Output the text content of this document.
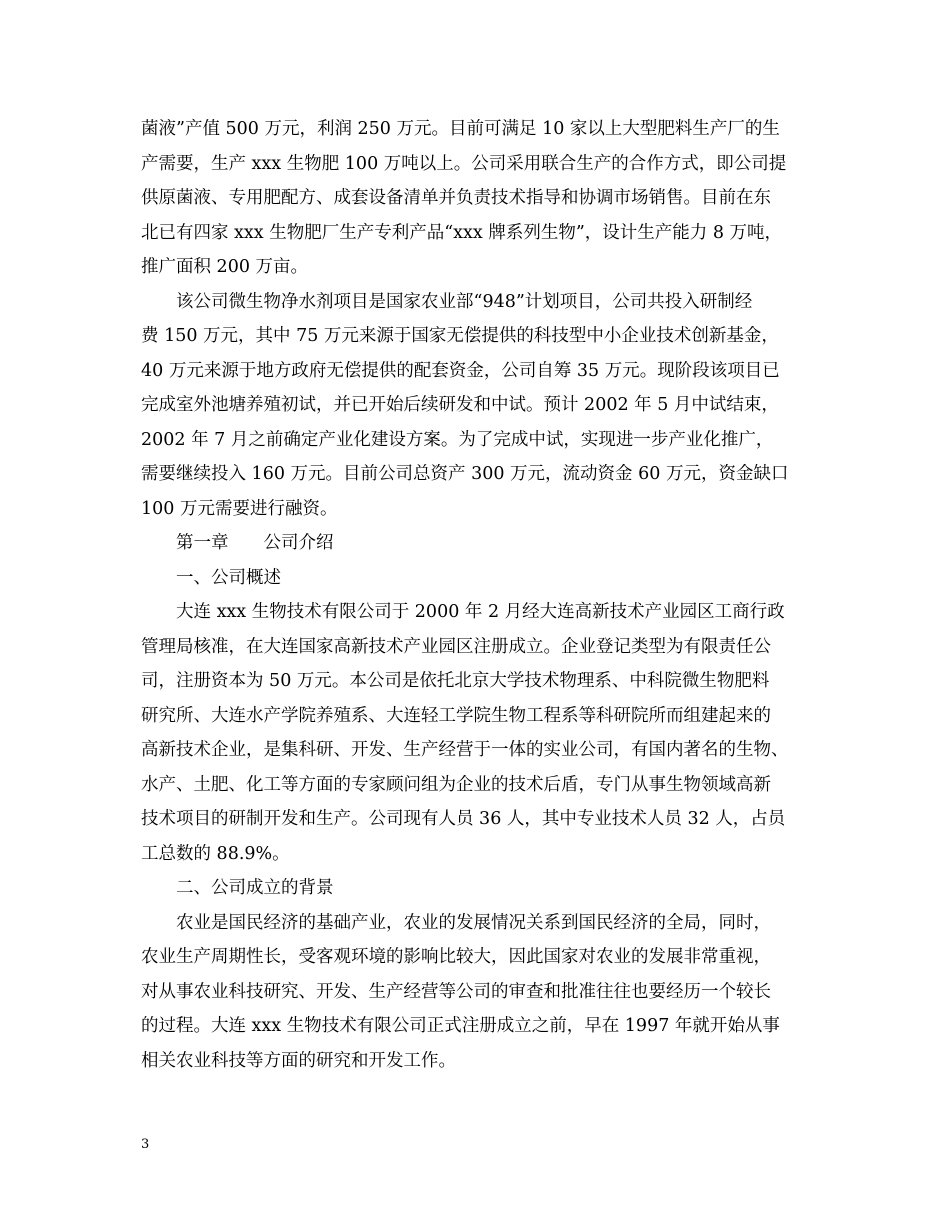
菌液”产值 500 万元，利润 250 万元。目前可满足 10 家以上大型肥料生产厂的生
产需要，生产 xxx 生物肥 100 万吨以上。公司采用联合生产的合作方式，即公司提
供原菌液、专用肥配方、成套设备清单并负责技术指导和协调市场销售。目前在东
北已有四家 xxx 生物肥厂生产专利产品“xxx 牌系列生物”，设计生产能力 8 万吨，
推广面积 200 万亩。
该公司微生物净水剂项目是国家农业部“948”计划项目，公司共投入研制经
费 150 万元，其中 75 万元来源于国家无偿提供的科技型中小企业技术创新基金，
40 万元来源于地方政府无偿提供的配套资金，公司自筹 35 万元。现阶段该项目已
完成室外池塘养殖初试，并已开始后续研发和中试。预计 2002 年 5 月中试结束，
2002 年 7 月之前确定产业化建设方案。为了完成中试，实现进一步产业化推广，
需要继续投入 160 万元。目前公司总资产 300 万元，流动资金 60 万元，资金缺口
100 万元需要进行融资。
第一章　　公司介绍
一、公司概述
大连 xxx 生物技术有限公司于 2000 年 2 月经大连高新技术产业园区工商行政
管理局核准，在大连国家高新技术产业园区注册成立。企业登记类型为有限责任公
司，注册资本为 50 万元。本公司是依托北京大学技术物理系、中科院微生物肥料
研究所、大连水产学院养殖系、大连轻工学院生物工程系等科研院所而组建起来的
高新技术企业，是集科研、开发、生产经营于一体的实业公司，有国内著名的生物、
水产、土肥、化工等方面的专家顾问组为企业的技术后盾，专门从事生物领域高新
技术项目的研制开发和生产。公司现有人员 36 人，其中专业技术人员 32 人，占员
工总数的 88.9%。
二、公司成立的背景
农业是国民经济的基础产业，农业的发展情况关系到国民经济的全局，同时，
农业生产周期性长，受客观环境的影响比较大，因此国家对农业的发展非常重视，
对从事农业科技研究、开发、生产经营等公司的审查和批准往往也要经历一个较长
的过程。大连 xxx 生物技术有限公司正式注册成立之前，早在 1997 年就开始从事
相关农业科技等方面的研究和开发工作。
3
